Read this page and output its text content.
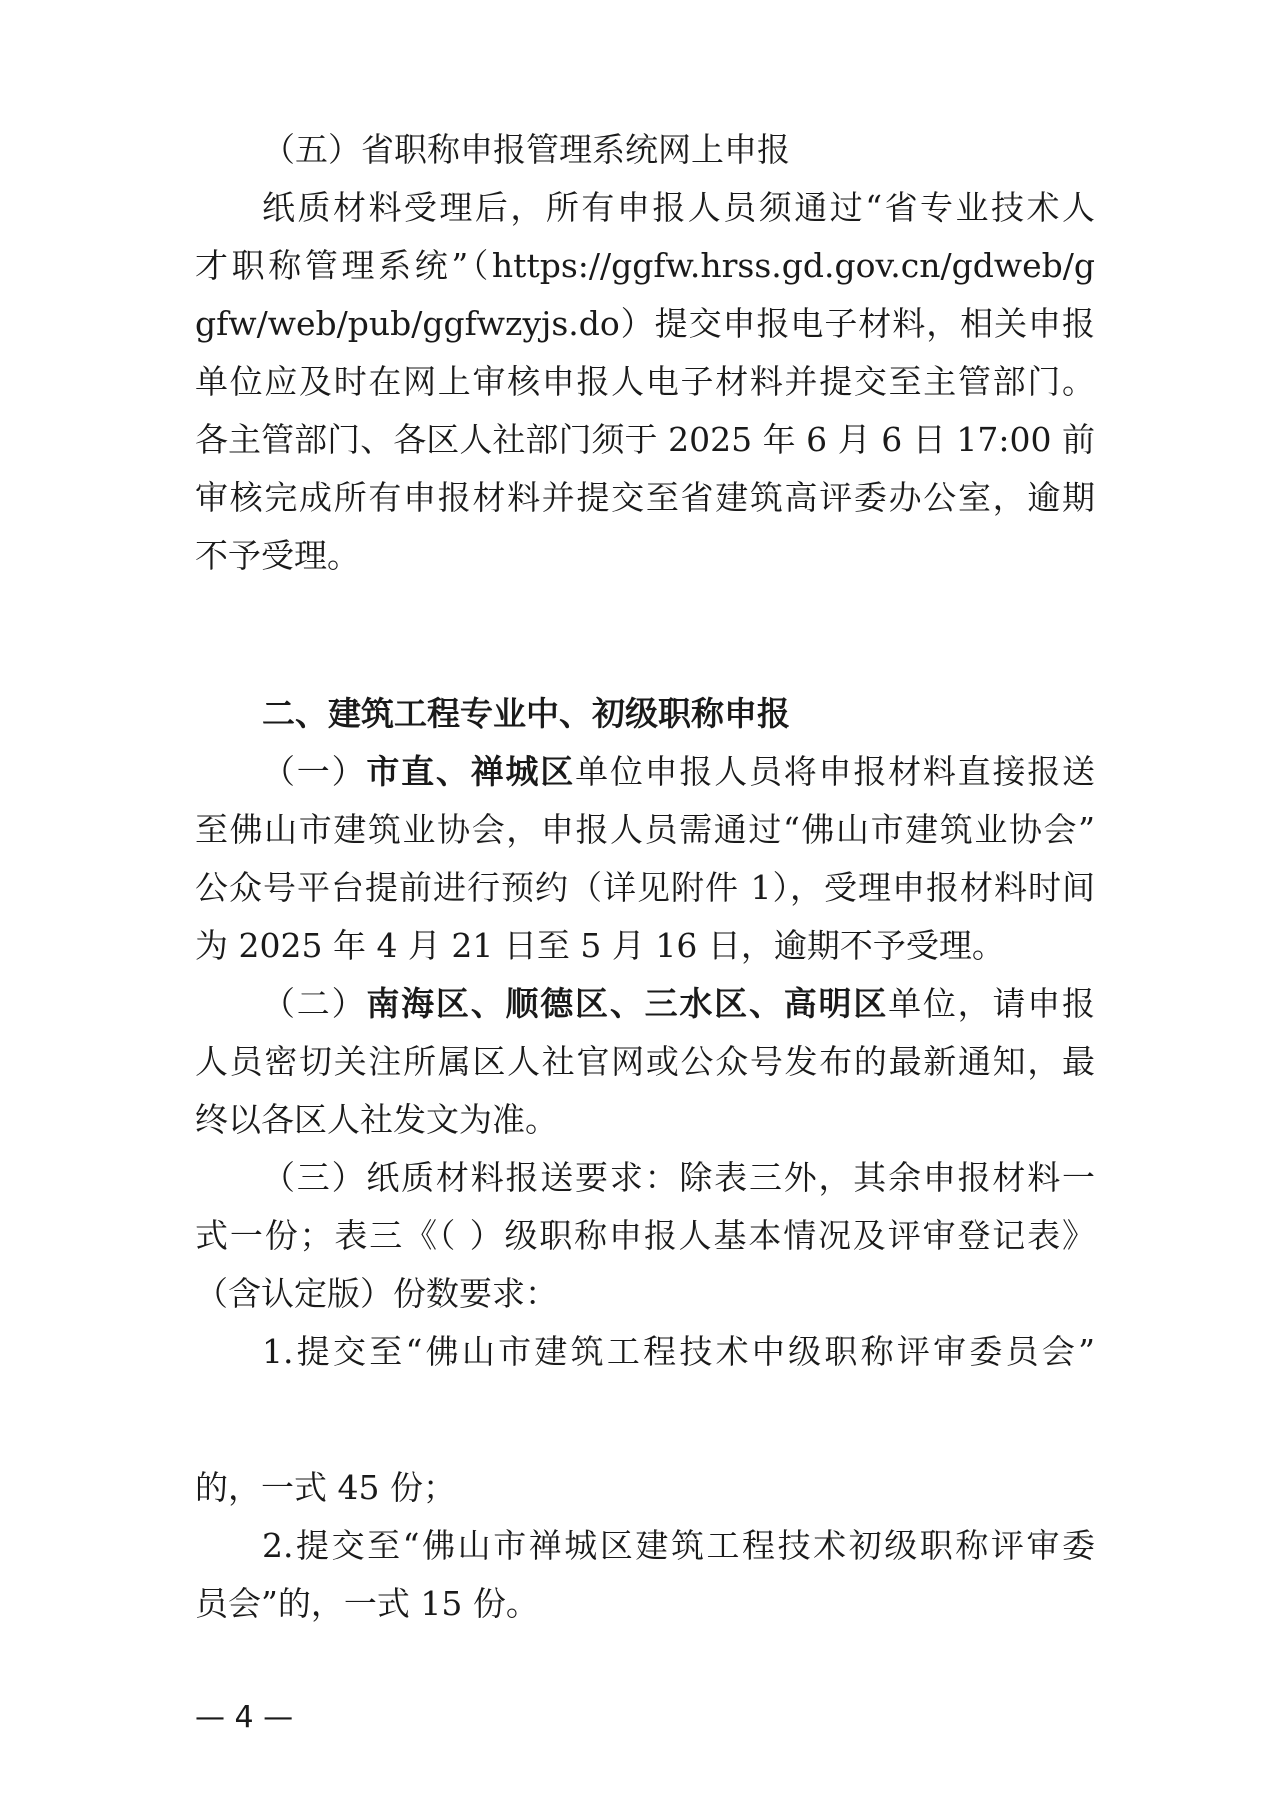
（五）省职称申报管理系统网上申报
纸质材料受理后，所有申报人员须通过“省专业技术人
才职称管理系统”（https://ggfw.hrss.gd.gov.cn/gdweb/g
gfw/web/pub/ggfwzyjs.do）提交申报电子材料，相关申报
单位应及时在网上审核申报人电子材料并提交至主管部门。
各主管部门、各区人社部门须于 2025 年 6 月 6 日 17:00 前
审核完成所有申报材料并提交至省建筑高评委办公室，逾期
不予受理。
二、建筑工程专业中、初级职称申报
（一）市直、禅城区单位申报人员将申报材料直接报送
至佛山市建筑业协会，申报人员需通过“佛山市建筑业协会”
公众号平台提前进行预约（详见附件 1），受理申报材料时间
为 2025 年 4 月 21 日至 5 月 16 日，逾期不予受理。
（二）南海区、顺德区、三水区、高明区单位，请申报
人员密切关注所属区人社官网或公众号发布的最新通知，最
终以各区人社发文为准。
（三）纸质材料报送要求：除表三外，其余申报材料一
式一份；表三《（ ）级职称申报人基本情况及评审登记表》
（含认定版）份数要求：
1.提交至“佛山市建筑工程技术中级职称评审委员会”
的，一式 45 份；
2.提交至“佛山市禅城区建筑工程技术初级职称评审委
员会”的，一式 15 份。
— 4 —
